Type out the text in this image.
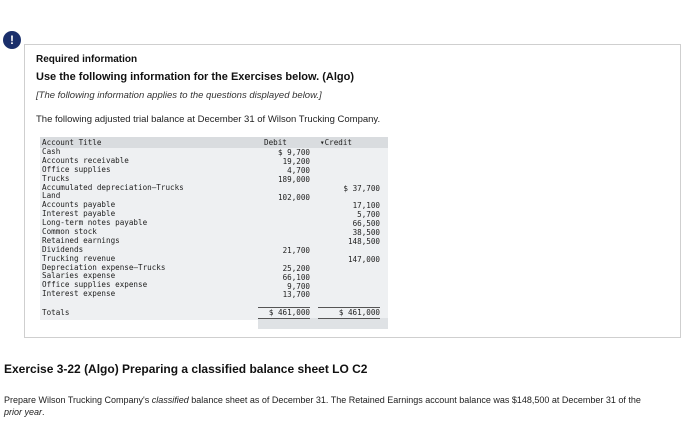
!
Required information
Use the following information for the Exercises below. (Algo)
[The following information applies to the questions displayed below.]
The following adjusted trial balance at December 31 of Wilson Trucking Company.
Account Title
Cash
Accounts receivable
Office supplies
Trucks
Accumulated depreciation—Trucks
Land
Accounts payable
Interest payable
Long-term notes payable
Common stock
Retained earnings
Dividends
Trucking revenue
Depreciation expense—Trucks
Salaries expense
Office supplies expense
Interest expense
Totals
Debit
$ 9,700
19,200
4,700
189,000
102,000
21,700
25,200
66,100
9,700
13,700
$ 461,000
▾Credit
$ 37,700
17,100
5,700
66,500
38,500
148,500
147,000
$ 461,000
Exercise 3-22 (Algo) Preparing a classified balance sheet LO C2
Prepare Wilson Trucking Company's classified balance sheet as of December 31. The Retained Earnings account balance was $148,500 at December 31 of the prior year.
